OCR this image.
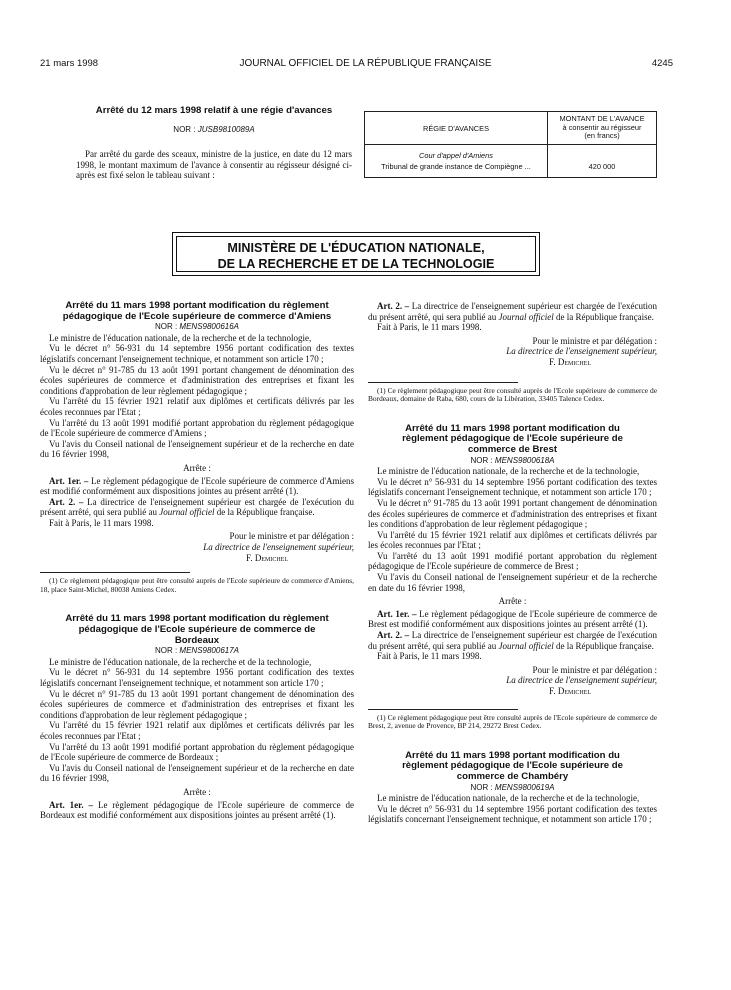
21 mars 1998	JOURNAL OFFICIEL DE LA RÉPUBLIQUE FRANÇAISE	4245

Arrêté du 12 mars 1998 relatif à une régie d'avances

NOR : JUSB9810089A

Par arrêté du garde des sceaux, ministre de la justice, en date du 12 mars 1998, le montant maximum de l'avance à consentir au régisseur désigné ci-après est fixé selon le tableau suivant :

RÉGIE D'AVANCES	MONTANT DE L'AVANCE
à consentir au régisseur
(en francs)

Cour d'appel d'Amiens
Tribunal de grande instance de Compiègne ...	420 000
MINISTÈRE DE L'ÉDUCATION NATIONALE,
DE LA RECHERCHE ET DE LA TECHNOLOGIE

Arrêté du 11 mars 1998 portant modification du règlement pédagogique de l'Ecole supérieure de commerce d'Amiens

NOR : MENS9800616A

Le ministre de l'éducation nationale, de la recherche et de la technologie,

Vu le décret n° 56-931 du 14 septembre 1956 portant codification des textes législatifs concernant l'enseignement technique, et notamment son article 170 ;

Vu le décret n° 91-785 du 13 août 1991 portant changement de dénomination des écoles supérieures de commerce et d'administration des entreprises et fixant les conditions d'approbation de leur règlement pédagogique ;

Vu l'arrêté du 15 février 1921 relatif aux diplômes et certificats délivrés par les écoles reconnues par l'Etat ;

Vu l'arrêté du 13 août 1991 modifié portant approbation du règlement pédagogique de l'Ecole supérieure de commerce d'Amiens ;

Vu l'avis du Conseil national de l'enseignement supérieur et de la recherche en date du 16 février 1998,

Arrête :

Art. 1er. – Le règlement pédagogique de l'Ecole supérieure de commerce d'Amiens est modifié conformément aux dispositions jointes au présent arrêté (1).

Art. 2. – La directrice de l'enseignement supérieur est chargée de l'exécution du présent arrêté, qui sera publié au Journal officiel de la République française.

Fait à Paris, le 11 mars 1998.

Pour le ministre et par délégation :

La directrice de l'enseignement supérieur,

F. Demichel

(1) Ce règlement pédagogique peut être consulté auprès de l'Ecole supérieure de commerce d'Amiens, 18, place Saint-Michel, 80038 Amiens Cedex.

Arrêté du 11 mars 1998 portant modification du règlement pédagogique de l'Ecole supérieure de commerce de Bordeaux

NOR : MENS9800617A

Le ministre de l'éducation nationale, de la recherche et de la technologie,

Vu le décret n° 56-931 du 14 septembre 1956 portant codification des textes législatifs concernant l'enseignement technique, et notamment son article 170 ;

Vu le décret n° 91-785 du 13 août 1991 portant changement de dénomination des écoles supérieures de commerce et d'administration des entreprises et fixant les conditions d'approbation de leur règlement pédagogique ;

Vu l'arrêté du 15 février 1921 relatif aux diplômes et certificats délivrés par les écoles reconnues par l'Etat ;

Vu l'arrêté du 13 août 1991 modifié portant approbation du règlement pédagogique de l'Ecole supérieure de commerce de Bordeaux ;

Vu l'avis du Conseil national de l'enseignement supérieur et de la recherche en date du 16 février 1998,

Arrête :

Art. 1er. – Le règlement pédagogique de l'Ecole supérieure de commerce de Bordeaux est modifié conformément aux dispositions jointes au présent arrêté (1).

Art. 2. – La directrice de l'enseignement supérieur est chargée de l'exécution du présent arrêté, qui sera publié au Journal officiel de la République française.

Fait à Paris, le 11 mars 1998.

Pour le ministre et par délégation :

La directrice de l'enseignement supérieur,

F. Demichel

(1) Ce règlement pédagogique peut être consulté auprès de l'Ecole supérieure de commerce de Bordeaux, domaine de Raba, 680, cours de la Libération, 33405 Talence Cedex.

Arrêté du 11 mars 1998 portant modification du règlement pédagogique de l'Ecole supérieure de commerce de Brest

NOR : MENS9800618A

Le ministre de l'éducation nationale, de la recherche et de la technologie,

Vu le décret n° 56-931 du 14 septembre 1956 portant codification des textes législatifs concernant l'enseignement technique, et notamment son article 170 ;

Vu le décret n° 91-785 du 13 août 1991 portant changement de dénomination des écoles supérieures de commerce et d'administration des entreprises et fixant les conditions d'approbation de leur règlement pédagogique ;

Vu l'arrêté du 15 février 1921 relatif aux diplômes et certificats délivrés par les écoles reconnues par l'Etat ;

Vu l'arrêté du 13 août 1991 modifié portant approbation du règlement pédagogique de l'Ecole supérieure de commerce de Brest ;

Vu l'avis du Conseil national de l'enseignement supérieur et de la recherche en date du 16 février 1998,

Arrête :

Art. 1er. – Le règlement pédagogique de l'Ecole supérieure de commerce de Brest est modifié conformément aux dispositions jointes au présent arrêté (1).

Art. 2. – La directrice de l'enseignement supérieur est chargée de l'exécution du présent arrêté, qui sera publié au Journal officiel de la République française.

Fait à Paris, le 11 mars 1998.

Pour le ministre et par délégation :

La directrice de l'enseignement supérieur,

F. Demichel

(1) Ce règlement pédagogique peut être consulté auprès de l'Ecole supérieure de commerce de Brest, 2, avenue de Provence, BP 214, 29272 Brest Cedex.

Arrêté du 11 mars 1998 portant modification du règlement pédagogique de l'Ecole supérieure de commerce de Chambéry

NOR : MENS9800619A

Le ministre de l'éducation nationale, de la recherche et de la technologie,

Vu le décret n° 56-931 du 14 septembre 1956 portant codification des textes législatifs concernant l'enseignement technique, et notamment son article 170 ;
